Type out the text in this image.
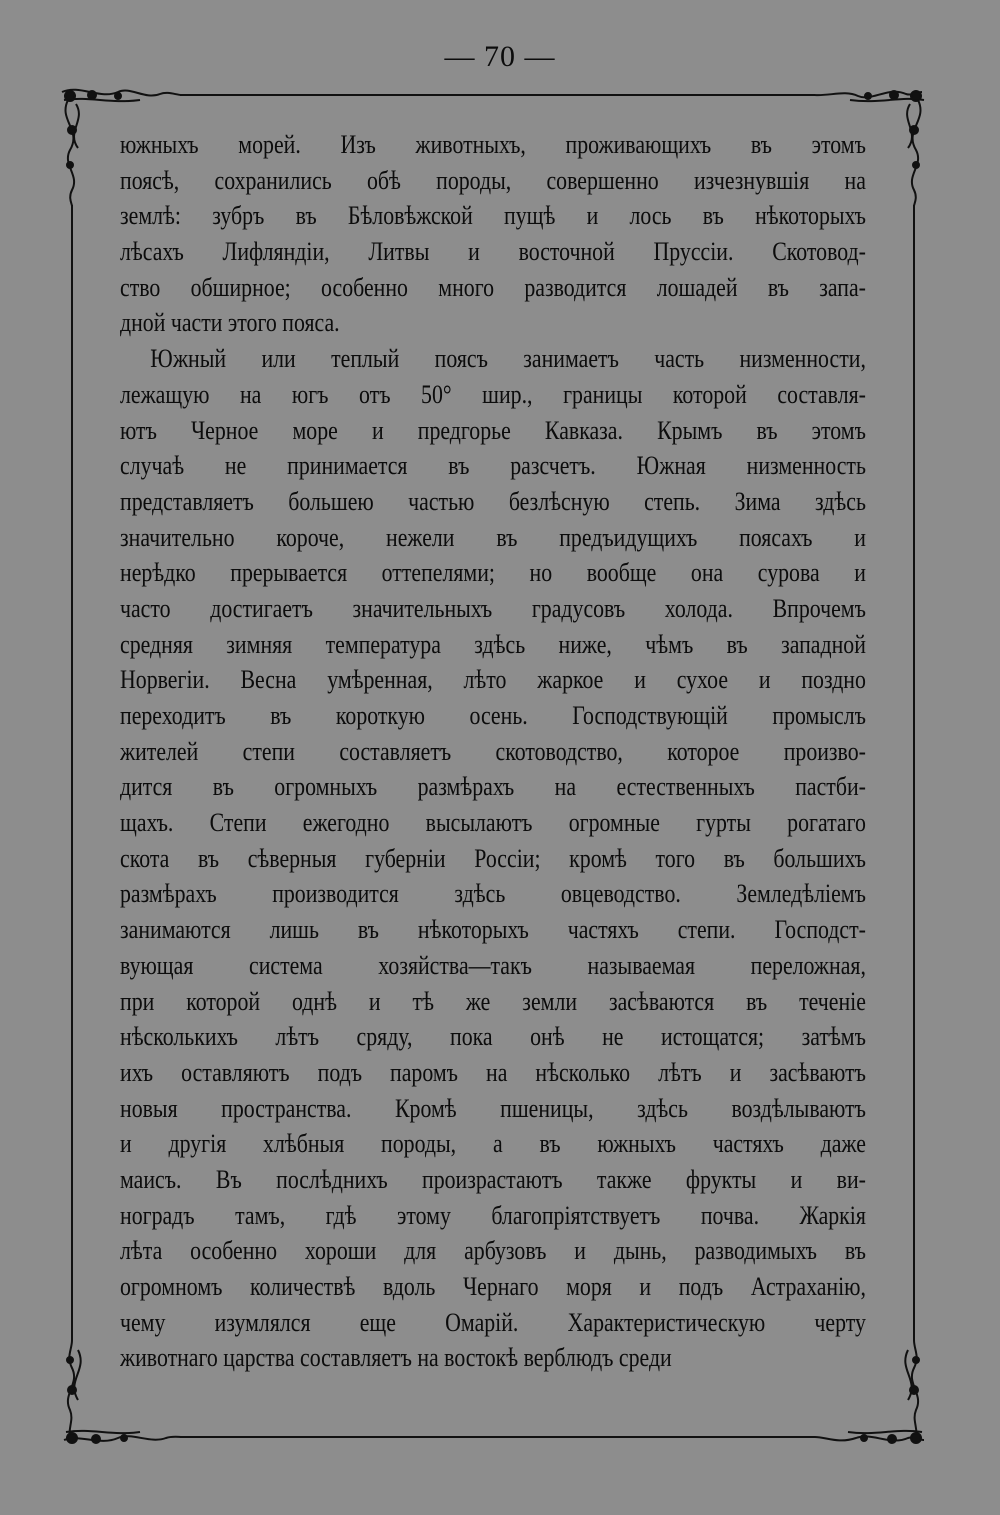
— 70 —
южныхъ морей. Изъ животныхъ, проживающихъ въ этомъ
поясѣ, сохранились обѣ породы, совершенно изчезнувшія на
землѣ: зубръ въ Бѣловѣжской пущѣ и лось въ нѣкоторыхъ
лѣсахъ Лифляндіи, Литвы и восточной Пруссіи. Скотовод-
ство обширное; особенно много разводится лошадей въ запа-
дной части этого пояса.
Южный или теплый поясъ занимаетъ часть низменности,
лежащую на югъ отъ 50° шир., границы которой составля-
ютъ Черное море и предгорье Кавказа. Крымъ въ этомъ
случаѣ не принимается въ разсчетъ. Южная низменность
представляетъ большею частью безлѣсную степь. Зима здѣсь
значительно короче, нежели въ предъидущихъ поясахъ и
нерѣдко прерывается оттепелями; но вообще она сурова и
часто достигаетъ значительныхъ градусовъ холода. Впрочемъ
средняя зимняя температура здѣсь ниже, чѣмъ въ западной
Норвегіи. Весна умѣренная, лѣто жаркое и сухое и поздно
переходитъ въ короткую осень. Господствующій промыслъ
жителей степи составляетъ скотоводство, которое произво-
дится въ огромныхъ размѣрахъ на естественныхъ пастби-
щахъ. Степи ежегодно высылаютъ огромные гурты рогатаго
скота въ сѣверныя губерніи Россіи; кромѣ того въ большихъ
размѣрахъ производится здѣсь овцеводство. Земледѣліемъ
занимаются лишь въ нѣкоторыхъ частяхъ степи. Господст-
вующая система хозяйства—такъ называемая переложная,
при которой однѣ и тѣ же земли засѣваются въ теченіе
нѣсколькихъ лѣтъ сряду, пока онѣ не истощатся; затѣмъ
ихъ оставляютъ подъ паромъ на нѣсколько лѣтъ и засѣваютъ
новыя пространства. Кромѣ пшеницы, здѣсь воздѣлываютъ
и другія хлѣбныя породы, а въ южныхъ частяхъ даже
маисъ. Въ послѣднихъ произрастаютъ также фрукты и ви-
ноградъ тамъ, гдѣ этому благопріятствуетъ почва. Жаркія
лѣта особенно хороши для арбузовъ и дынь, разводимыхъ въ
огромномъ количествѣ вдоль Чернаго моря и подъ Астраханію,
чему изумлялся еще Омарій. Характеристическую черту
животнаго царства составляетъ на востокѣ верблюдъ среди
